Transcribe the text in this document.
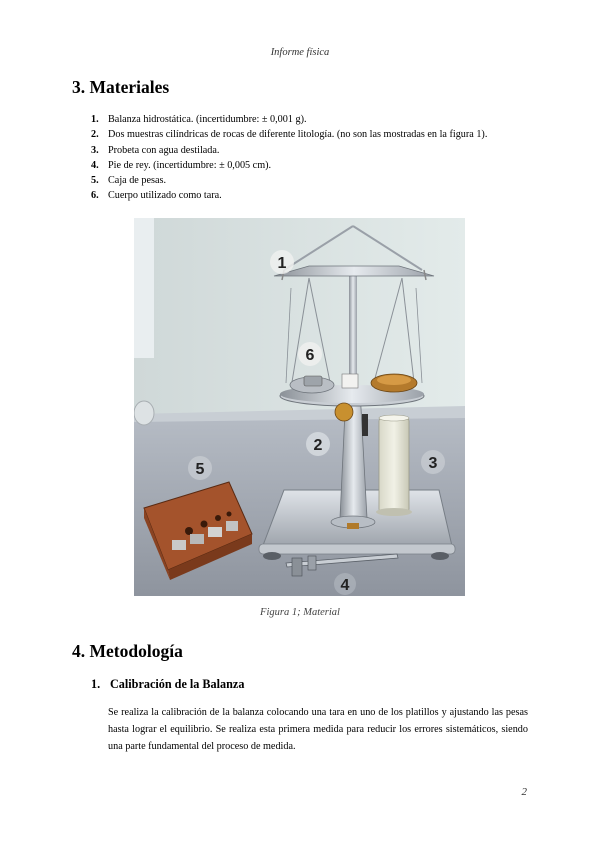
Informe física
3. Materiales
1. Balanza hidrostática. (incertidumbre: ± 0,001 g).
2. Dos muestras cilíndricas de rocas de diferente litología. (no son las mostradas en la figura 1).
3. Probeta con agua destilada.
4. Pie de rey. (incertidumbre: ± 0,005 cm).
5. Caja de pesas.
6. Cuerpo utilizado como tara.
1
6
2
3
5
4
Figura 1; Material
4. Metodología
1. Calibración de la Balanza

Se realiza la calibración de la balanza colocando una tara en uno de los platillos y ajustando las pesas hasta lograr el equilibrio. Se realiza esta primera medida para reducir los errores sistemáticos, siendo una parte fundamental del proceso de medida.

2
